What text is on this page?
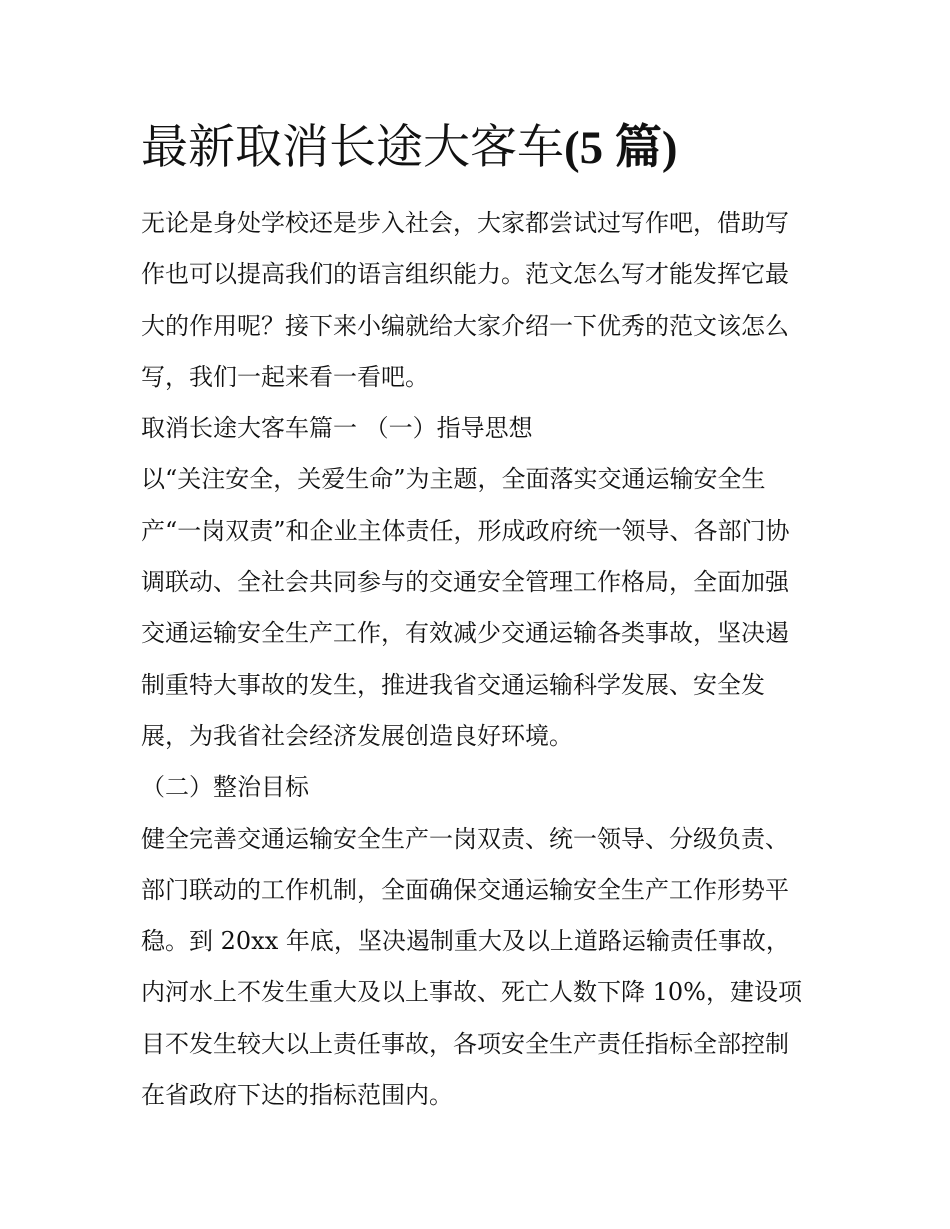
最新取消长途大客车(5 篇)
无论是身处学校还是步入社会，大家都尝试过写作吧，借助写
作也可以提高我们的语言组织能力。范文怎么写才能发挥它最
大的作用呢？接下来小编就给大家介绍一下优秀的范文该怎么
写，我们一起来看一看吧。
取消长途大客车篇一 （一）指导思想
以“关注安全，关爱生命”为主题，全面落实交通运输安全生
产“一岗双责”和企业主体责任，形成政府统一领导、各部门协
调联动、全社会共同参与的交通安全管理工作格局，全面加强
交通运输安全生产工作，有效减少交通运输各类事故，坚决遏
制重特大事故的发生，推进我省交通运输科学发展、安全发
展，为我省社会经济发展创造良好环境。
（二）整治目标
健全完善交通运输安全生产一岗双责、统一领导、分级负责、
部门联动的工作机制，全面确保交通运输安全生产工作形势平
稳。到 20xx 年底，坚决遏制重大及以上道路运输责任事故，
内河水上不发生重大及以上事故、死亡人数下降 10%，建设项
目不发生较大以上责任事故，各项安全生产责任指标全部控制
在省政府下达的指标范围内。
